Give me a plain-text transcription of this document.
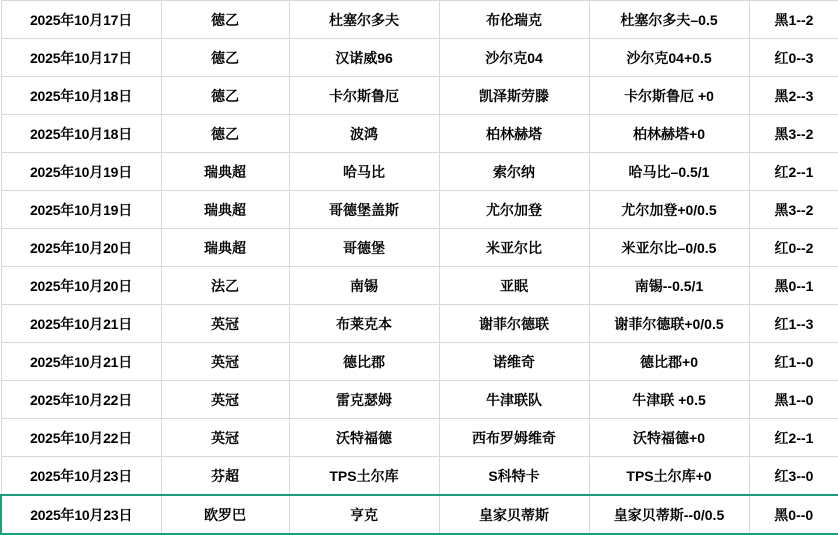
2025年10月17日	德乙	杜塞尔多夫	布伦瑞克	杜塞尔多夫–0.5	黑1--2
2025年10月17日	德乙	汉诺威96	沙尔克04	沙尔克04+0.5	红0--3
2025年10月18日	德乙	卡尔斯鲁厄	凯泽斯劳滕	卡尔斯鲁厄 +0	黑2--3
2025年10月18日	德乙	波鸿	柏林赫塔	柏林赫塔+0	黑3--2
2025年10月19日	瑞典超	哈马比	索尔纳	哈马比–0.5/1	红2--1
2025年10月19日	瑞典超	哥德堡盖斯	尤尔加登	尤尔加登+0/0.5	黑3--2
2025年10月20日	瑞典超	哥德堡	米亚尔比	米亚尔比–0/0.5	红0--2
2025年10月20日	法乙	南锡	亚眠	南锡--0.5/1	黑0--1
2025年10月21日	英冠	布莱克本	谢菲尔德联	谢菲尔德联+0/0.5	红1--3
2025年10月21日	英冠	德比郡	诺维奇	德比郡+0	红1--0
2025年10月22日	英冠	雷克瑟姆	牛津联队	牛津联 +0.5	黑1--0
2025年10月22日	英冠	沃特福德	西布罗姆维奇	沃特福德+0	红2--1
2025年10月23日	芬超	TPS土尔库	S科特卡	TPS土尔库+0	红3--0
2025年10月23日	欧罗巴	亨克	皇家贝蒂斯	皇家贝蒂斯--0/0.5	黑0--0
